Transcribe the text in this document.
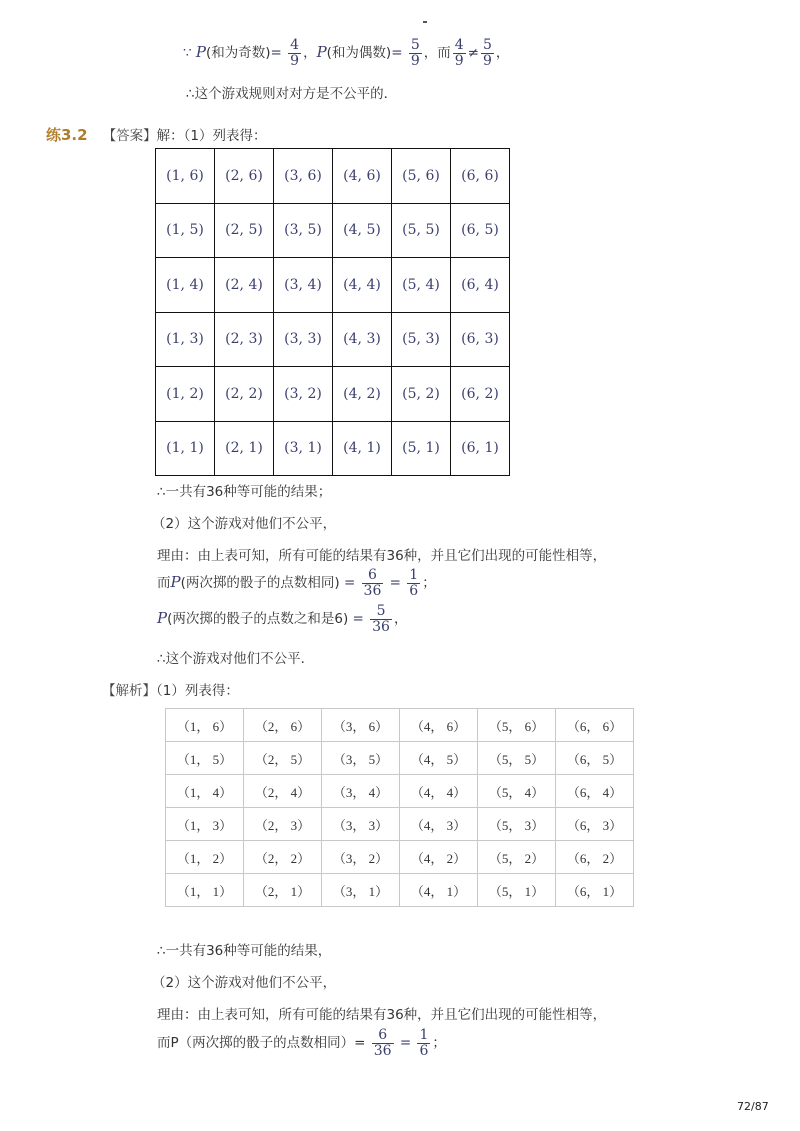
∵ P(和为奇数)= $\frac{4}{9}$ ，P(和为偶数)= $\frac{5}{9}$ ，而 $\frac{4}{9} \ne \frac{5}{9}$ ，
∴这个游戏规则对对方是不公平的．
练3.2 【答案】解：（1）列表得：
(1, 6)	(2, 6)	(3, 6)	(4, 6)	(5, 6)	(6, 6)
(1, 5)	(2, 5)	(3, 5)	(4, 5)	(5, 5)	(6, 5)
(1, 4)	(2, 4)	(3, 4)	(4, 4)	(5, 4)	(6, 4)
(1, 3)	(2, 3)	(3, 3)	(4, 3)	(5, 3)	(6, 3)
(1, 2)	(2, 2)	(3, 2)	(4, 2)	(5, 2)	(6, 2)
(1, 1)	(2, 1)	(3, 1)	(4, 1)	(5, 1)	(6, 1)
∴一共有36种等可能的结果；
（2）这个游戏对他们不公平，
理由：由上表可知，所有可能的结果有36种，并且它们出现的可能性相等，
而P(两次掷的骰子的点数相同) = $\frac{6}{36} = \frac{1}{6}$ ；
P(两次掷的骰子的点数之和是$6) = \frac{5}{36}$ ，
∴这个游戏对他们不公平．
【解析】（1）列表得：
（1， 6）	（2， 6）	（3， 6）	（4， 6）	（5， 6）	（6， 6）
（1， 5）	（2， 5）	（3， 5）	（4， 5）	（5， 5）	（6， 5）
（1， 4）	（2， 4）	（3， 4）	（4， 4）	（5， 4）	（6， 4）
（1， 3）	（2， 3）	（3， 3）	（4， 3）	（5， 3）	（6， 3）
（1， 2）	（2， 2）	（3， 2）	（4， 2）	（5， 2）	（6， 2）
（1， 1）	（2， 1）	（3， 1）	（4， 1）	（5， 1）	（6， 1）
∴一共有36种等可能的结果，
（2）这个游戏对他们不公平，
理由：由上表可知，所有可能的结果有36种，并且它们出现的可能性相等，
而P（两次掷的骰子的点数相同）= $\frac{6}{36} = \frac{1}{6}$ ；
72/87
